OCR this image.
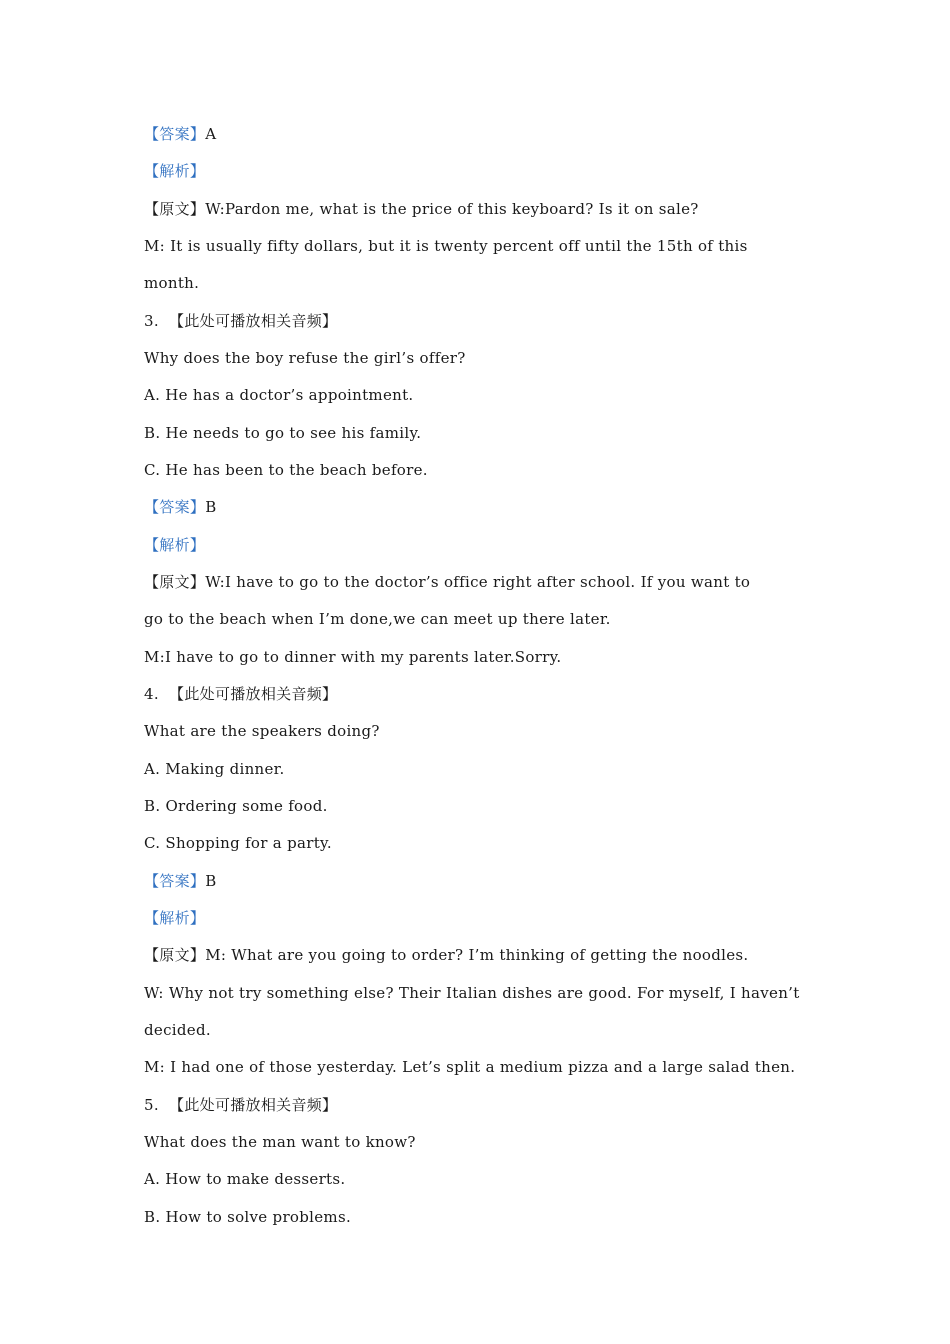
【答案】A
【解析】
【原文】W:Pardon me, what is the price of this keyboard? Is it on sale?
M: It is usually fifty dollars, but it is twenty percent off until the 15th of this
month.
3.  【此处可播放相关音频】
Why does the boy refuse the girl’s offer?
A. He has a doctor’s appointment.
B. He needs to go to see his family.
C. He has been to the beach before.
【答案】B
【解析】
【原文】W:I have to go to the doctor’s office right after school. If you want to
go to the beach when I’m done,we can meet up there later.
M:I have to go to dinner with my parents later.Sorry.
4.  【此处可播放相关音频】
What are the speakers doing?
A. Making dinner.
B. Ordering some food.
C. Shopping for a party.
【答案】B
【解析】
【原文】M: What are you going to order? I’m thinking of getting the noodles.
W: Why not try something else? Their Italian dishes are good. For myself, I haven’t
decided.
M: I had one of those yesterday. Let’s split a medium pizza and a large salad then.
5.  【此处可播放相关音频】
What does the man want to know?
A. How to make desserts.
B. How to solve problems.
